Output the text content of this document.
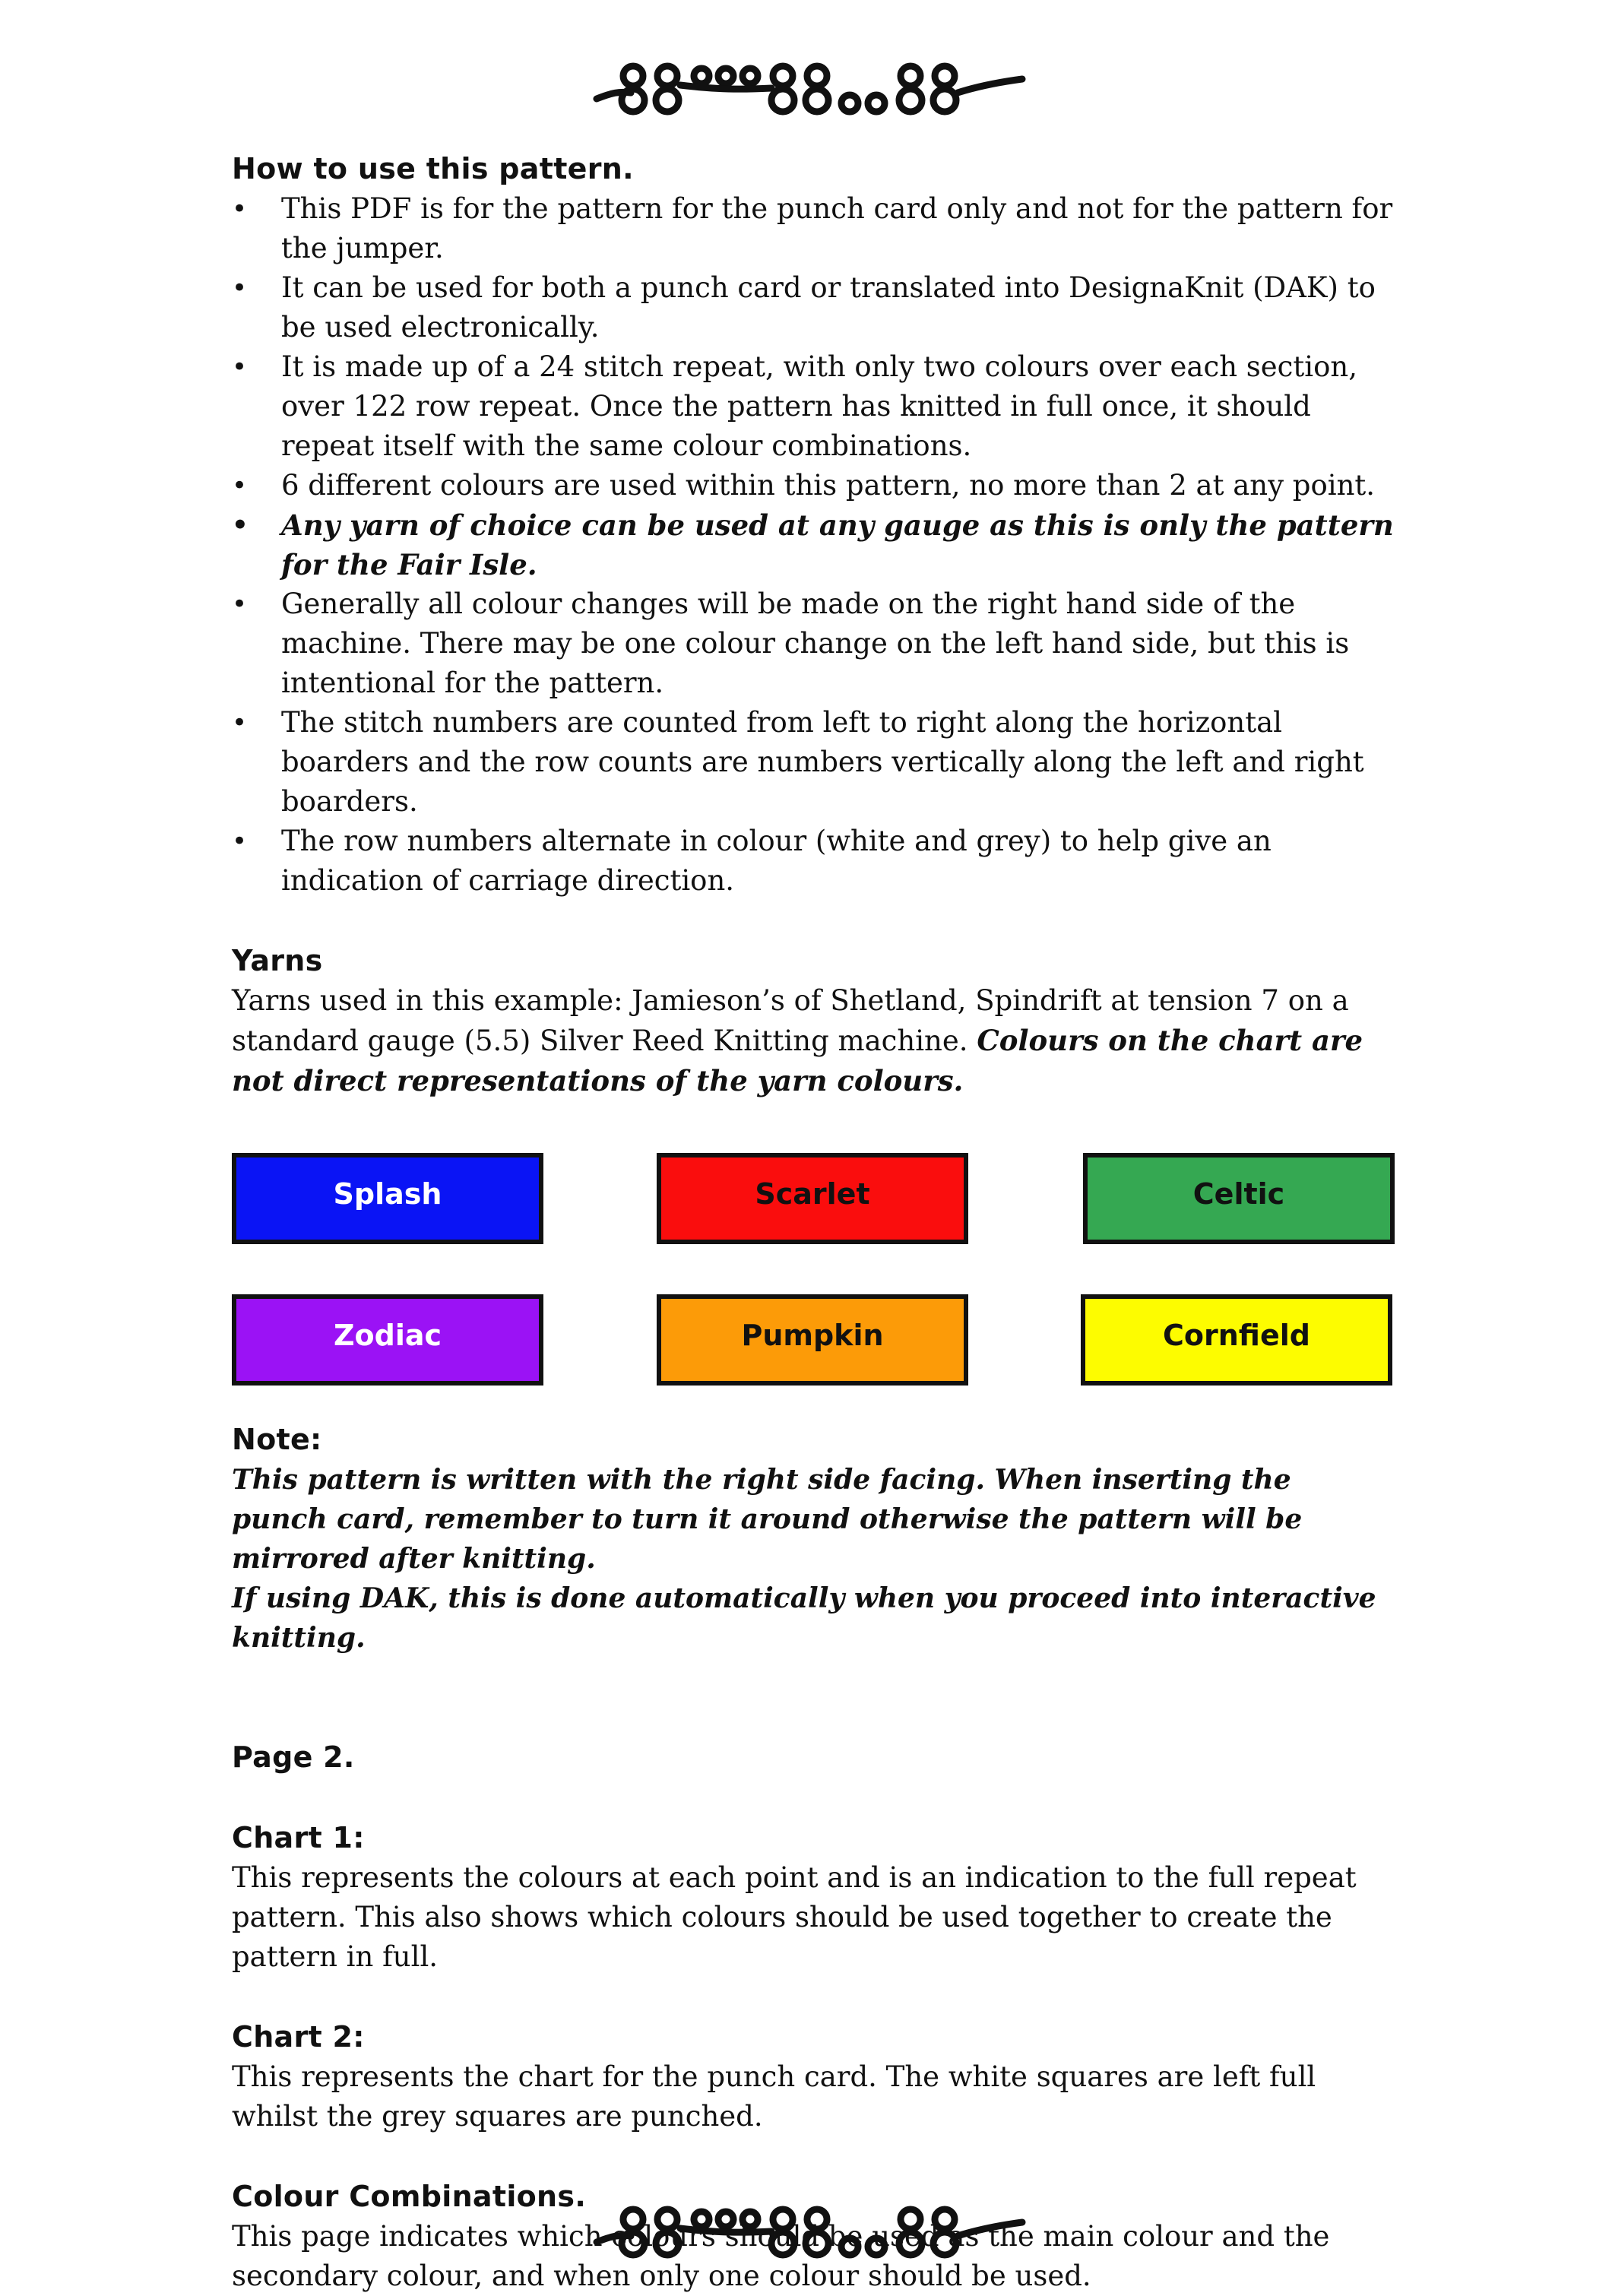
How to use this pattern.
• This PDF is for the pattern for the punch card only and not for the pattern for the jumper.
• It can be used for both a punch card or translated into DesignaKnit (DAK) to be used electronically.
• It is made up of a 24 stitch repeat, with only two colours over each section, over 122 row repeat. Once the pattern has knitted in full once, it should repeat itself with the same colour combinations.
• 6 different colours are used within this pattern, no more than 2 at any point.
• Any yarn of choice can be used at any gauge as this is only the pattern for the Fair Isle.
• Generally all colour changes will be made on the right hand side of the machine. There may be one colour change on the left hand side, but this is intentional for the pattern.
• The stitch numbers are counted from left to right along the horizontal boarders and the row counts are numbers vertically along the left and right boarders.
• The row numbers alternate in colour (white and grey) to help give an indication of carriage direction.
Yarns

Yarns used in this example: Jamieson’s of Shetland, Spindrift at tension 7 on a standard gauge (5.5) Silver Reed Knitting machine. Colours on the chart are not direct representations of the yarn colours.

Splash	Scarlet	Celtic
Zodiac	Pumpkin	Cornfield
Note:

This pattern is written with the right side facing. When inserting the punch card, remember to turn it around otherwise the pattern will be mirrored after knitting.

If using DAK, this is done automatically when you proceed into interactive knitting.

Page 2.
Chart 1:

This represents the colours at each point and is an indication to the full repeat pattern. This also shows which colours should be used together to create the pattern in full.

Chart 2:

This represents the chart for the punch card. The white squares are left full whilst the grey squares are punched.

Colour Combinations.

This page indicates which colours should be used as the main colour and the secondary colour, and when only one colour should be used.
